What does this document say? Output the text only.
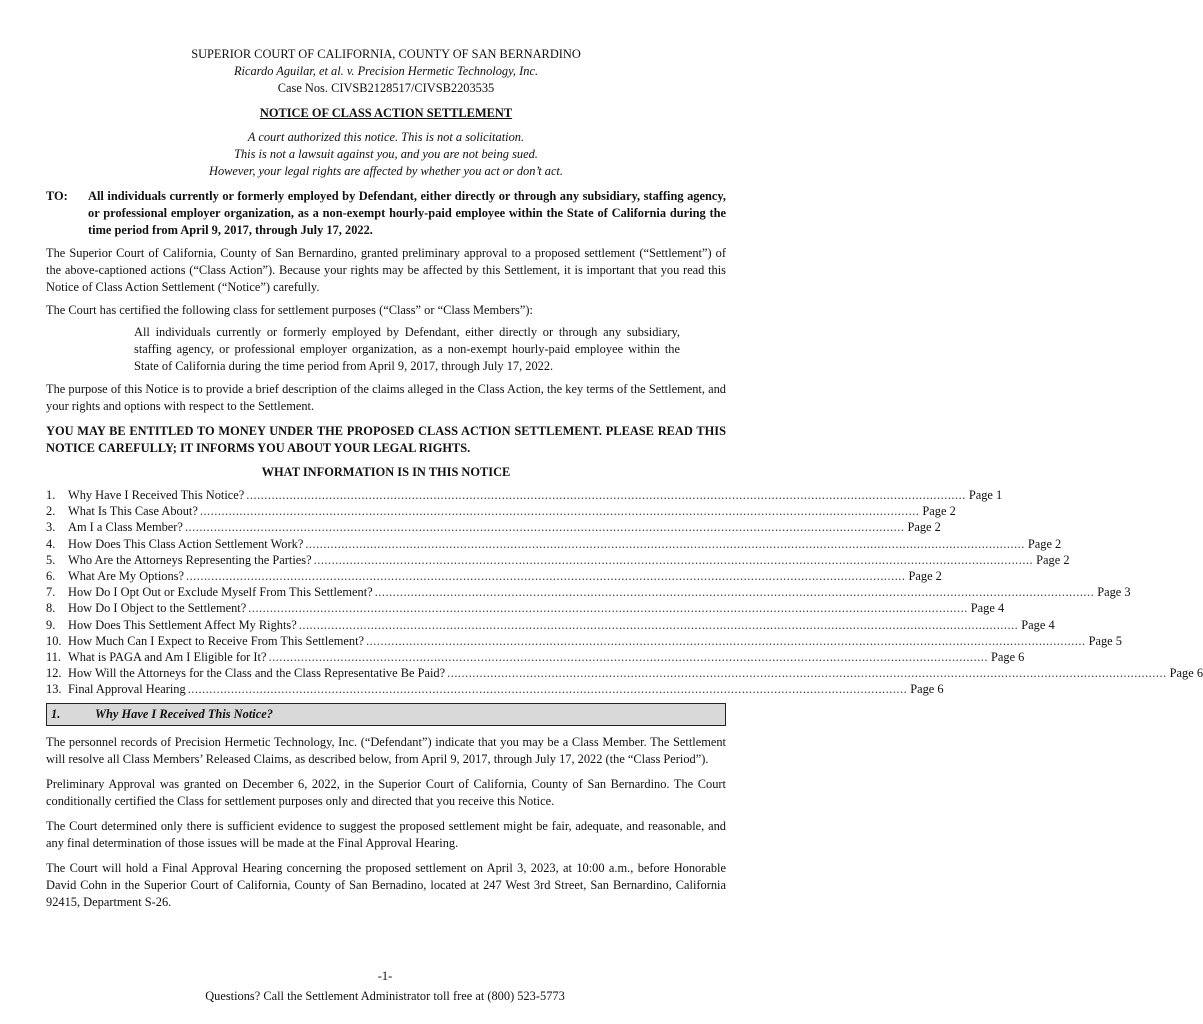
SUPERIOR COURT OF CALIFORNIA, COUNTY OF SAN BERNARDINO
Ricardo Aguilar, et al. v. Precision Hermetic Technology, Inc.
Case Nos. CIVSB2128517/CIVSB2203535
NOTICE OF CLASS ACTION SETTLEMENT
A court authorized this notice. This is not a solicitation.
This is not a lawsuit against you, and you are not being sued.
However, your legal rights are affected by whether you act or don’t act.
TO:	All individuals currently or formerly employed by Defendant, either directly or through any subsidiary, staffing agency, or professional employer organization, as a non-exempt hourly-paid employee within the State of California during the time period from April 9, 2017, through July 17, 2022.

The Superior Court of California, County of San Bernardino, granted preliminary approval to a proposed settlement (“Settlement”) of the above-captioned actions (“Class Action”). Because your rights may be affected by this Settlement, it is important that you read this Notice of Class Action Settlement (“Notice”) carefully.

The Court has certified the following class for settlement purposes (“Class” or “Class Members”):

All individuals currently or formerly employed by Defendant, either directly or through any subsidiary, staffing agency, or professional employer organization, as a non-exempt hourly-paid employee within the State of California during the time period from April 9, 2017, through July 17, 2022.

The purpose of this Notice is to provide a brief description of the claims alleged in the Class Action, the key terms of the Settlement, and your rights and options with respect to the Settlement.

YOU MAY BE ENTITLED TO MONEY UNDER THE PROPOSED CLASS ACTION SETTLEMENT. PLEASE READ THIS NOTICE CAREFULLY; IT INFORMS YOU ABOUT YOUR LEGAL RIGHTS.
WHAT INFORMATION IS IN THIS NOTICE
1.	Why Have I Received This Notice? ........................................................................................................................................................................................................ Page 1
2.	What Is This Case About? ........................................................................................................................................................................................................ Page 2
3.	Am I a Class Member? ........................................................................................................................................................................................................ Page 2
4.	How Does This Class Action Settlement Work? ........................................................................................................................................................................................................ Page 2
5.	Who Are the Attorneys Representing the Parties? ........................................................................................................................................................................................................ Page 2
6.	What Are My Options? ........................................................................................................................................................................................................ Page 2
7.	How Do I Opt Out or Exclude Myself From This Settlement? ........................................................................................................................................................................................................ Page 3
8.	How Do I Object to the Settlement? ........................................................................................................................................................................................................ Page 4
9.	How Does This Settlement Affect My Rights? ........................................................................................................................................................................................................ Page 4
10. How Much Can I Expect to Receive From This Settlement? ........................................................................................................................................................................................................ Page 5
11. What is PAGA and Am I Eligible for It? ........................................................................................................................................................................................................ Page 6
12. How Will the Attorneys for the Class and the Class Representative Be Paid? ........................................................................................................................................................................................................ Page 6
13. Final Approval Hearing ........................................................................................................................................................................................................ Page 6
1.	Why Have I Received This Notice?

The personnel records of Precision Hermetic Technology, Inc. (“Defendant”) indicate that you may be a Class Member. The Settlement will resolve all Class Members’ Released Claims, as described below, from April 9, 2017, through July 17, 2022 (the “Class Period”).

Preliminary Approval was granted on December 6, 2022, in the Superior Court of California, County of San Bernardino. The Court conditionally certified the Class for settlement purposes only and directed that you receive this Notice.

The Court determined only there is sufficient evidence to suggest the proposed settlement might be fair, adequate, and reasonable, and any final determination of those issues will be made at the Final Approval Hearing.

The Court will hold a Final Approval Hearing concerning the proposed settlement on April 3, 2023, at 10:00 a.m., before Honorable David Cohn in the Superior Court of California, County of San Bernadino, located at 247 West 3rd Street, San Bernardino, California 92415, Department S-26.

-1-
Questions? Call the Settlement Administrator toll free at (800) 523-5773
